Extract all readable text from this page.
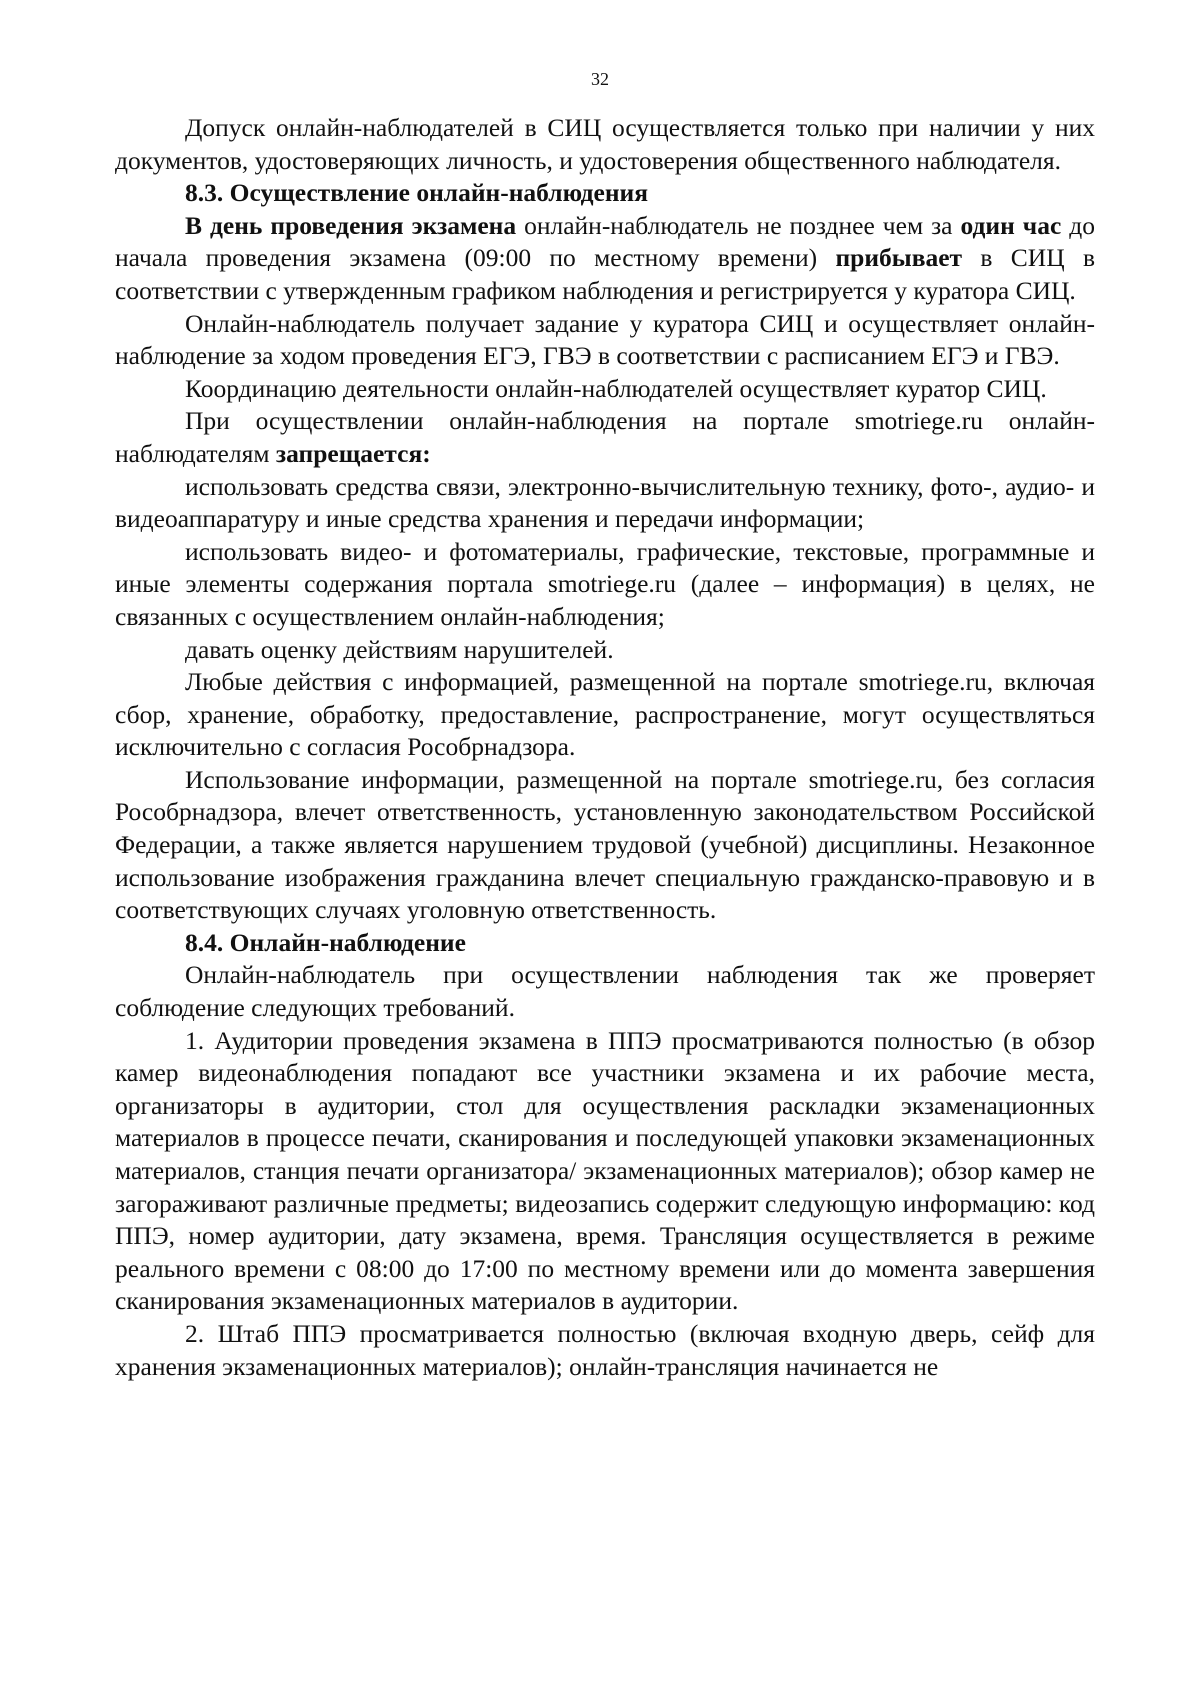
32

Допуск онлайн-наблюдателей в СИЦ осуществляется только при наличии у них документов, удостоверяющих личность, и удостоверения общественного наблюдателя.

8.3. Осуществление онлайн-наблюдения

В день проведения экзамена онлайн-наблюдатель не позднее чем за один час до начала проведения экзамена (09:00 по местному времени) прибывает в СИЦ в соответствии с утвержденным графиком наблюдения и регистрируется у куратора СИЦ.

Онлайн-наблюдатель получает задание у куратора СИЦ и осуществляет онлайн-наблюдение за ходом проведения ЕГЭ, ГВЭ в соответствии с расписанием ЕГЭ и ГВЭ.

Координацию деятельности онлайн-наблюдателей осуществляет куратор СИЦ.

При осуществлении онлайн-наблюдения на портале smotriege.ru онлайн-наблюдателям запрещается:

использовать средства связи, электронно-вычислительную технику, фото-, аудио- и видеоаппаратуру и иные средства хранения и передачи информации;

использовать видео- и фотоматериалы, графические, текстовые, программные и иные элементы содержания портала smotriege.ru (далее – информация) в целях, не связанных с осуществлением онлайн-наблюдения;

давать оценку действиям нарушителей.

Любые действия с информацией, размещенной на портале smotriege.ru, включая сбор, хранение, обработку, предоставление, распространение, могут осуществляться исключительно с согласия Рособрнадзора.

Использование информации, размещенной на портале smotriege.ru, без согласия Рособрнадзора, влечет ответственность, установленную законодательством Российской Федерации, а также является нарушением трудовой (учебной) дисциплины. Незаконное использование изображения гражданина влечет специальную гражданско-правовую и в соответствующих случаях уголовную ответственность.

8.4. Онлайн-наблюдение

Онлайн-наблюдатель при осуществлении наблюдения так же проверяет соблюдение следующих требований.

1. Аудитории проведения экзамена в ППЭ просматриваются полностью (в обзор камер видеонаблюдения попадают все участники экзамена и их рабочие места, организаторы в аудитории, стол для осуществления раскладки экзаменационных материалов в процессе печати, сканирования и последующей упаковки экзаменационных материалов, станция печати организатора/ экзаменационных материалов); обзор камер не загораживают различные предметы; видеозапись содержит следующую информацию: код ППЭ, номер аудитории, дату экзамена, время. Трансляция осуществляется в режиме реального времени с 08:00 до 17:00 по местному времени или до момента завершения сканирования экзаменационных материалов в аудитории.

2. Штаб ППЭ просматривается полностью (включая входную дверь, сейф для хранения экзаменационных материалов); онлайн-трансляция начинается не
